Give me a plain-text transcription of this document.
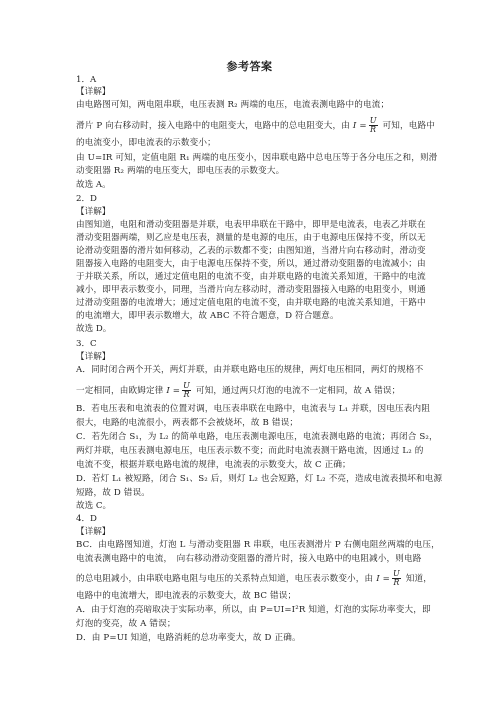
参考答案
1．A
【详解】
由电路图可知，两电阻串联，电压表测 R₂ 两端的电压，电流表测电路中的电流；
滑片 P 向右移动时，接入电路中的电阻变大，电路中的总电阻变大，由 $I = \frac{U}{R}$ 可知，电路中
的电流变小，即电流表的示数变小；
由 U=IR 可知，定值电阻 R₁ 两端的电压变小，因串联电路中总电压等于各分电压之和，则滑
动变阻器 R₂ 两端的电压变大，即电压表的示数变大。
故选 A。
2．D
【详解】
由图知道，电阻和滑动变阻器是并联，电表甲串联在干路中，即甲是电流表，电表乙并联在
滑动变阻器两端，则乙应是电压表，测量的是电源的电压，由于电源电压保持不变，所以无
论滑动变阻器的滑片如何移动，乙表的示数都不变；由图知道，当滑片向右移动时，滑动变
阻器接入电路的电阻变大，由于电源电压保持不变，所以，通过滑动变阻器的电流减小；由
于并联关系，所以，通过定值电阻的电流不变，由并联电路的电流关系知道，干路中的电流
减小，即甲表示数变小，同理，当滑片向左移动时，滑动变阻器接入电路的电阻变小，则通
过滑动变阻器的电流增大；通过定值电阻的电流不变，由并联电路的电流关系知道，干路中
的电流增大，即甲表示数增大，故 ABC 不符合题意，D 符合题意。
故选 D。
3．C
【详解】
A．同时闭合两个开关，两灯并联，由并联电路电压的规律，两灯电压相同，两灯的规格不
一定相同，由欧姆定律 $I = \frac{U}{R}$ 可知，通过两只灯泡的电流不一定相同，故 A 错误；
B．若电压表和电流表的位置对调，电压表串联在电路中，电流表与 L₁ 并联，因电压表内阻
很大，电路的电流很小，两表都不会被烧坏，故 B 错误；
C．若先闭合 S₁，为 L₂ 的简单电路，电压表测电源电压，电流表测电路的电流；再闭合 S₂，
两灯并联，电压表测电源电压，电压表示数不变；而此时电流表测干路电流，因通过 L₂ 的
电流不变，根据并联电路电流的规律，电流表的示数变大，故 C 正确；
D．若灯 L₁ 被短路，闭合 S₁、S₂ 后，则灯 L₂ 也会短路，灯 L₂ 不亮，造成电流表损坏和电源
短路，故 D 错误。
故选 C。
4．D
【详解】
BC．由电路图知道，灯泡 L 与滑动变阻器 R 串联，电压表测滑片 P 右侧电阻丝两端的电压，
电流表测电路中的电流，　向右移动滑动变阻器的滑片时，接入电路中的电阻减小，则电路
的总电阻减小，由串联电路电阻与电压的关系特点知道，电压表示数变小，由 $I = \frac{U}{R}$ 知道，
电路中的电流增大，即电流表的示数变大，故 BC 错误；
A．由于灯泡的亮暗取决于实际功率，所以，由 P=UI=I²R 知道，灯泡的实际功率变大，即
灯泡的变亮，故 A 错误；
D．由 P=UI 知道，电路消耗的总功率变大，故 D 正确。
